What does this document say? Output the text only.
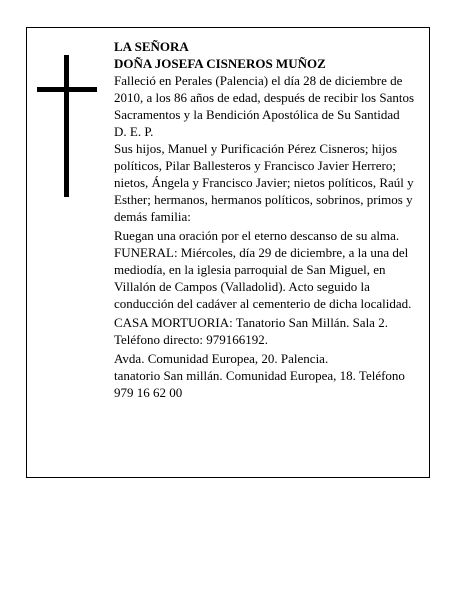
LA SEÑORA

DOÑA JOSEFA CISNEROS MUÑOZ

Falleció en Perales (Palencia) el día 28 de diciembre de 2010, a los 86 años de edad, después de recibir los Santos Sacramentos y la Bendición Apostólica de Su Santidad

D. E. P.

Sus hijos, Manuel y Purificación Pérez Cisneros; hijos políticos, Pilar Ballesteros y Francisco Javier Herrero; nietos, Ángela y Francisco Javier; nietos políticos, Raúl y Esther; hermanos, hermanos políticos, sobrinos, primos y demás familia:

Ruegan una oración por el eterno descanso de su alma.

FUNERAL: Miércoles, día 29 de diciembre, a la una del mediodía, en la iglesia parroquial de San Miguel, en Villalón de Campos (Valladolid). Acto seguido la conducción del cadáver al cementerio de dicha localidad.

CASA MORTUORIA: Tanatorio San Millán. Sala 2. Teléfono directo: 979166192.

Avda. Comunidad Europea, 20. Palencia.

tanatorio San millán. Comunidad Europea, 18. Teléfono 979 16 62 00
